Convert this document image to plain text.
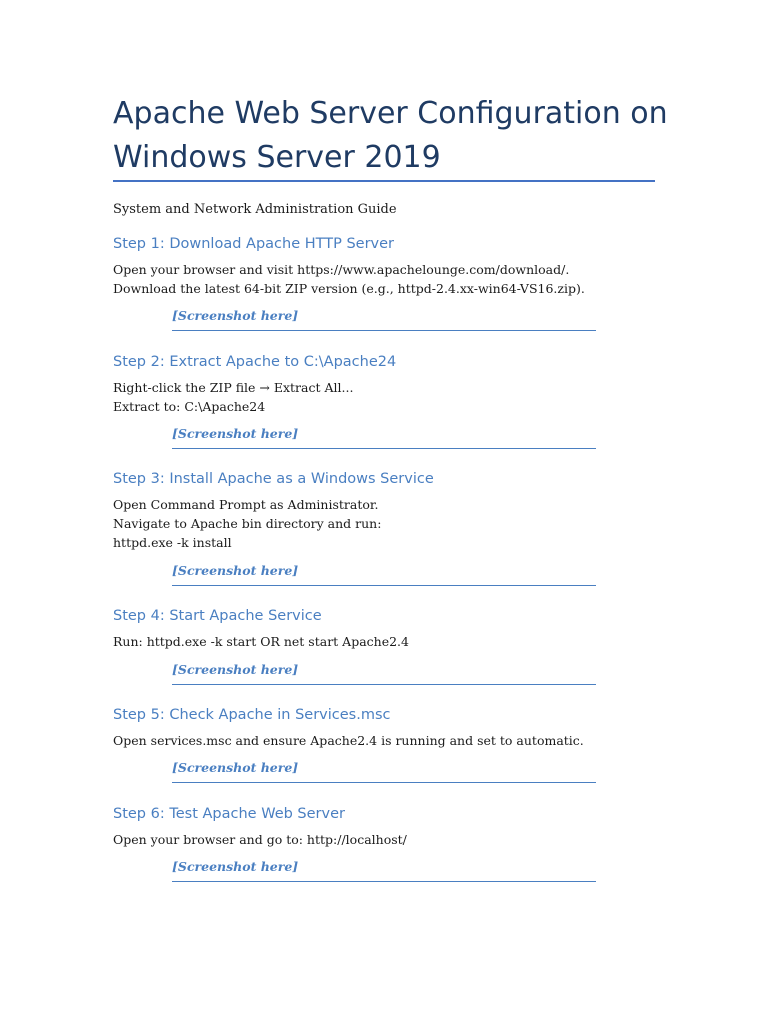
Apache Web Server Configuration on
Windows Server 2019
System and Network Administration Guide
Step 1: Download Apache HTTP Server
Open your browser and visit https://www.apachelounge.com/download/.
Download the latest 64-bit ZIP version (e.g., httpd-2.4.xx-win64-VS16.zip).
[Screenshot here]
Step 2: Extract Apache to C:\Apache24
Right-click the ZIP file → Extract All...
Extract to: C:\Apache24
[Screenshot here]
Step 3: Install Apache as a Windows Service
Open Command Prompt as Administrator.
Navigate to Apache bin directory and run:
httpd.exe -k install
[Screenshot here]
Step 4: Start Apache Service
Run: httpd.exe -k start OR net start Apache2.4
[Screenshot here]
Step 5: Check Apache in Services.msc
Open services.msc and ensure Apache2.4 is running and set to automatic.
[Screenshot here]
Step 6: Test Apache Web Server
Open your browser and go to: http://localhost/
[Screenshot here]
